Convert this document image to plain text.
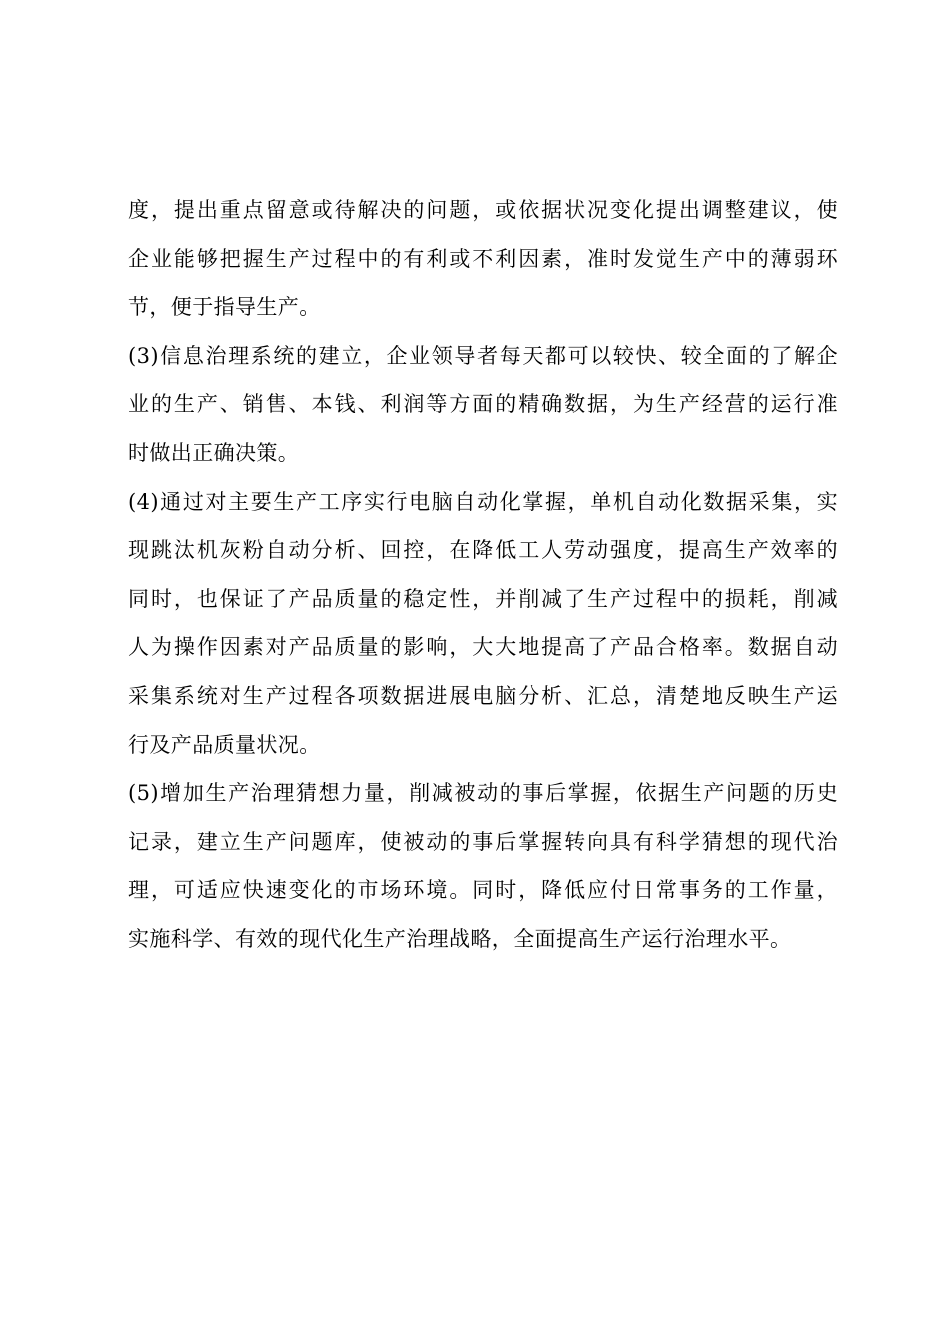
度，提出重点留意或待解决的问题，或依据状况变化提出调整建议，使
企业能够把握生产过程中的有利或不利因素，准时发觉生产中的薄弱环
节，便于指导生产。
(3)信息治理系统的建立，企业领导者每天都可以较快、较全面的了解企
业的生产、销售、本钱、利润等方面的精确数据，为生产经营的运行准
时做出正确决策。
(4)通过对主要生产工序实行电脑自动化掌握，单机自动化数据采集，实
现跳汰机灰粉自动分析、回控，在降低工人劳动强度，提高生产效率的
同时，也保证了产品质量的稳定性，并削减了生产过程中的损耗，削减
人为操作因素对产品质量的影响，大大地提高了产品合格率。数据自动
采集系统对生产过程各项数据进展电脑分析、汇总，清楚地反映生产运
行及产品质量状况。
(5)增加生产治理猜想力量，削减被动的事后掌握，依据生产问题的历史
记录，建立生产问题库，使被动的事后掌握转向具有科学猜想的现代治
理，可适应快速变化的市场环境。同时，降低应付日常事务的工作量，
实施科学、有效的现代化生产治理战略，全面提高生产运行治理水平。
